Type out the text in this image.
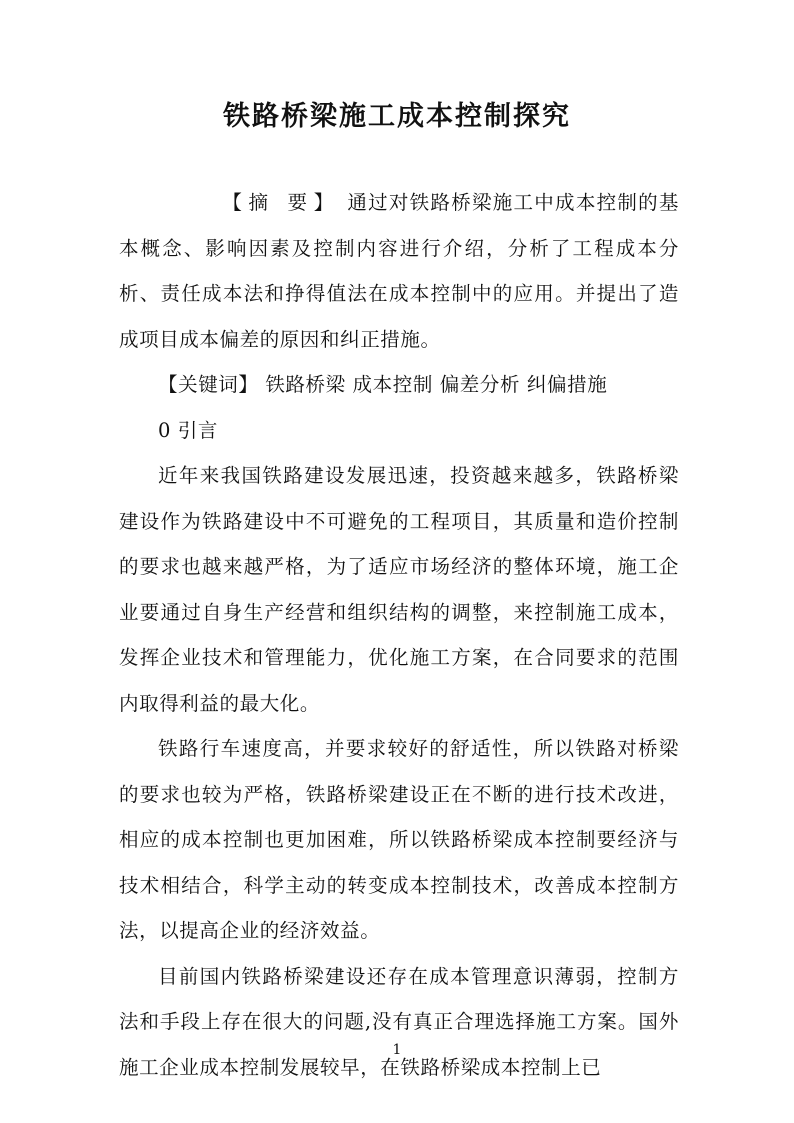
铁路桥梁施工成本控制探究

【摘 要】 通过对铁路桥梁施工中成本控制的基本概念、影响因素及控制内容进行介绍，分析了工程成本分析、责任成本法和挣得值法在成本控制中的应用。并提出了造成项目成本偏差的原因和纠正措施。

【关键词】 铁路桥梁 成本控制 偏差分析 纠偏措施

0 引言

近年来我国铁路建设发展迅速，投资越来越多，铁路桥梁建设作为铁路建设中不可避免的工程项目，其质量和造价控制的要求也越来越严格，为了适应市场经济的整体环境，施工企业要通过自身生产经营和组织结构的调整，来控制施工成本，发挥企业技术和管理能力，优化施工方案，在合同要求的范围内取得利益的最大化。

铁路行车速度高，并要求较好的舒适性，所以铁路对桥梁的要求也较为严格，铁路桥梁建设正在不断的进行技术改进，相应的成本控制也更加困难，所以铁路桥梁成本控制要经济与技术相结合，科学主动的转变成本控制技术，改善成本控制方法，以提高企业的经济效益。

目前国内铁路桥梁建设还存在成本管理意识薄弱，控制方法和手段上存在很大的问题,没有真正合理选择施工方案。国外施工企业成本控制发展较早，在铁路桥梁成本控制上已

1
